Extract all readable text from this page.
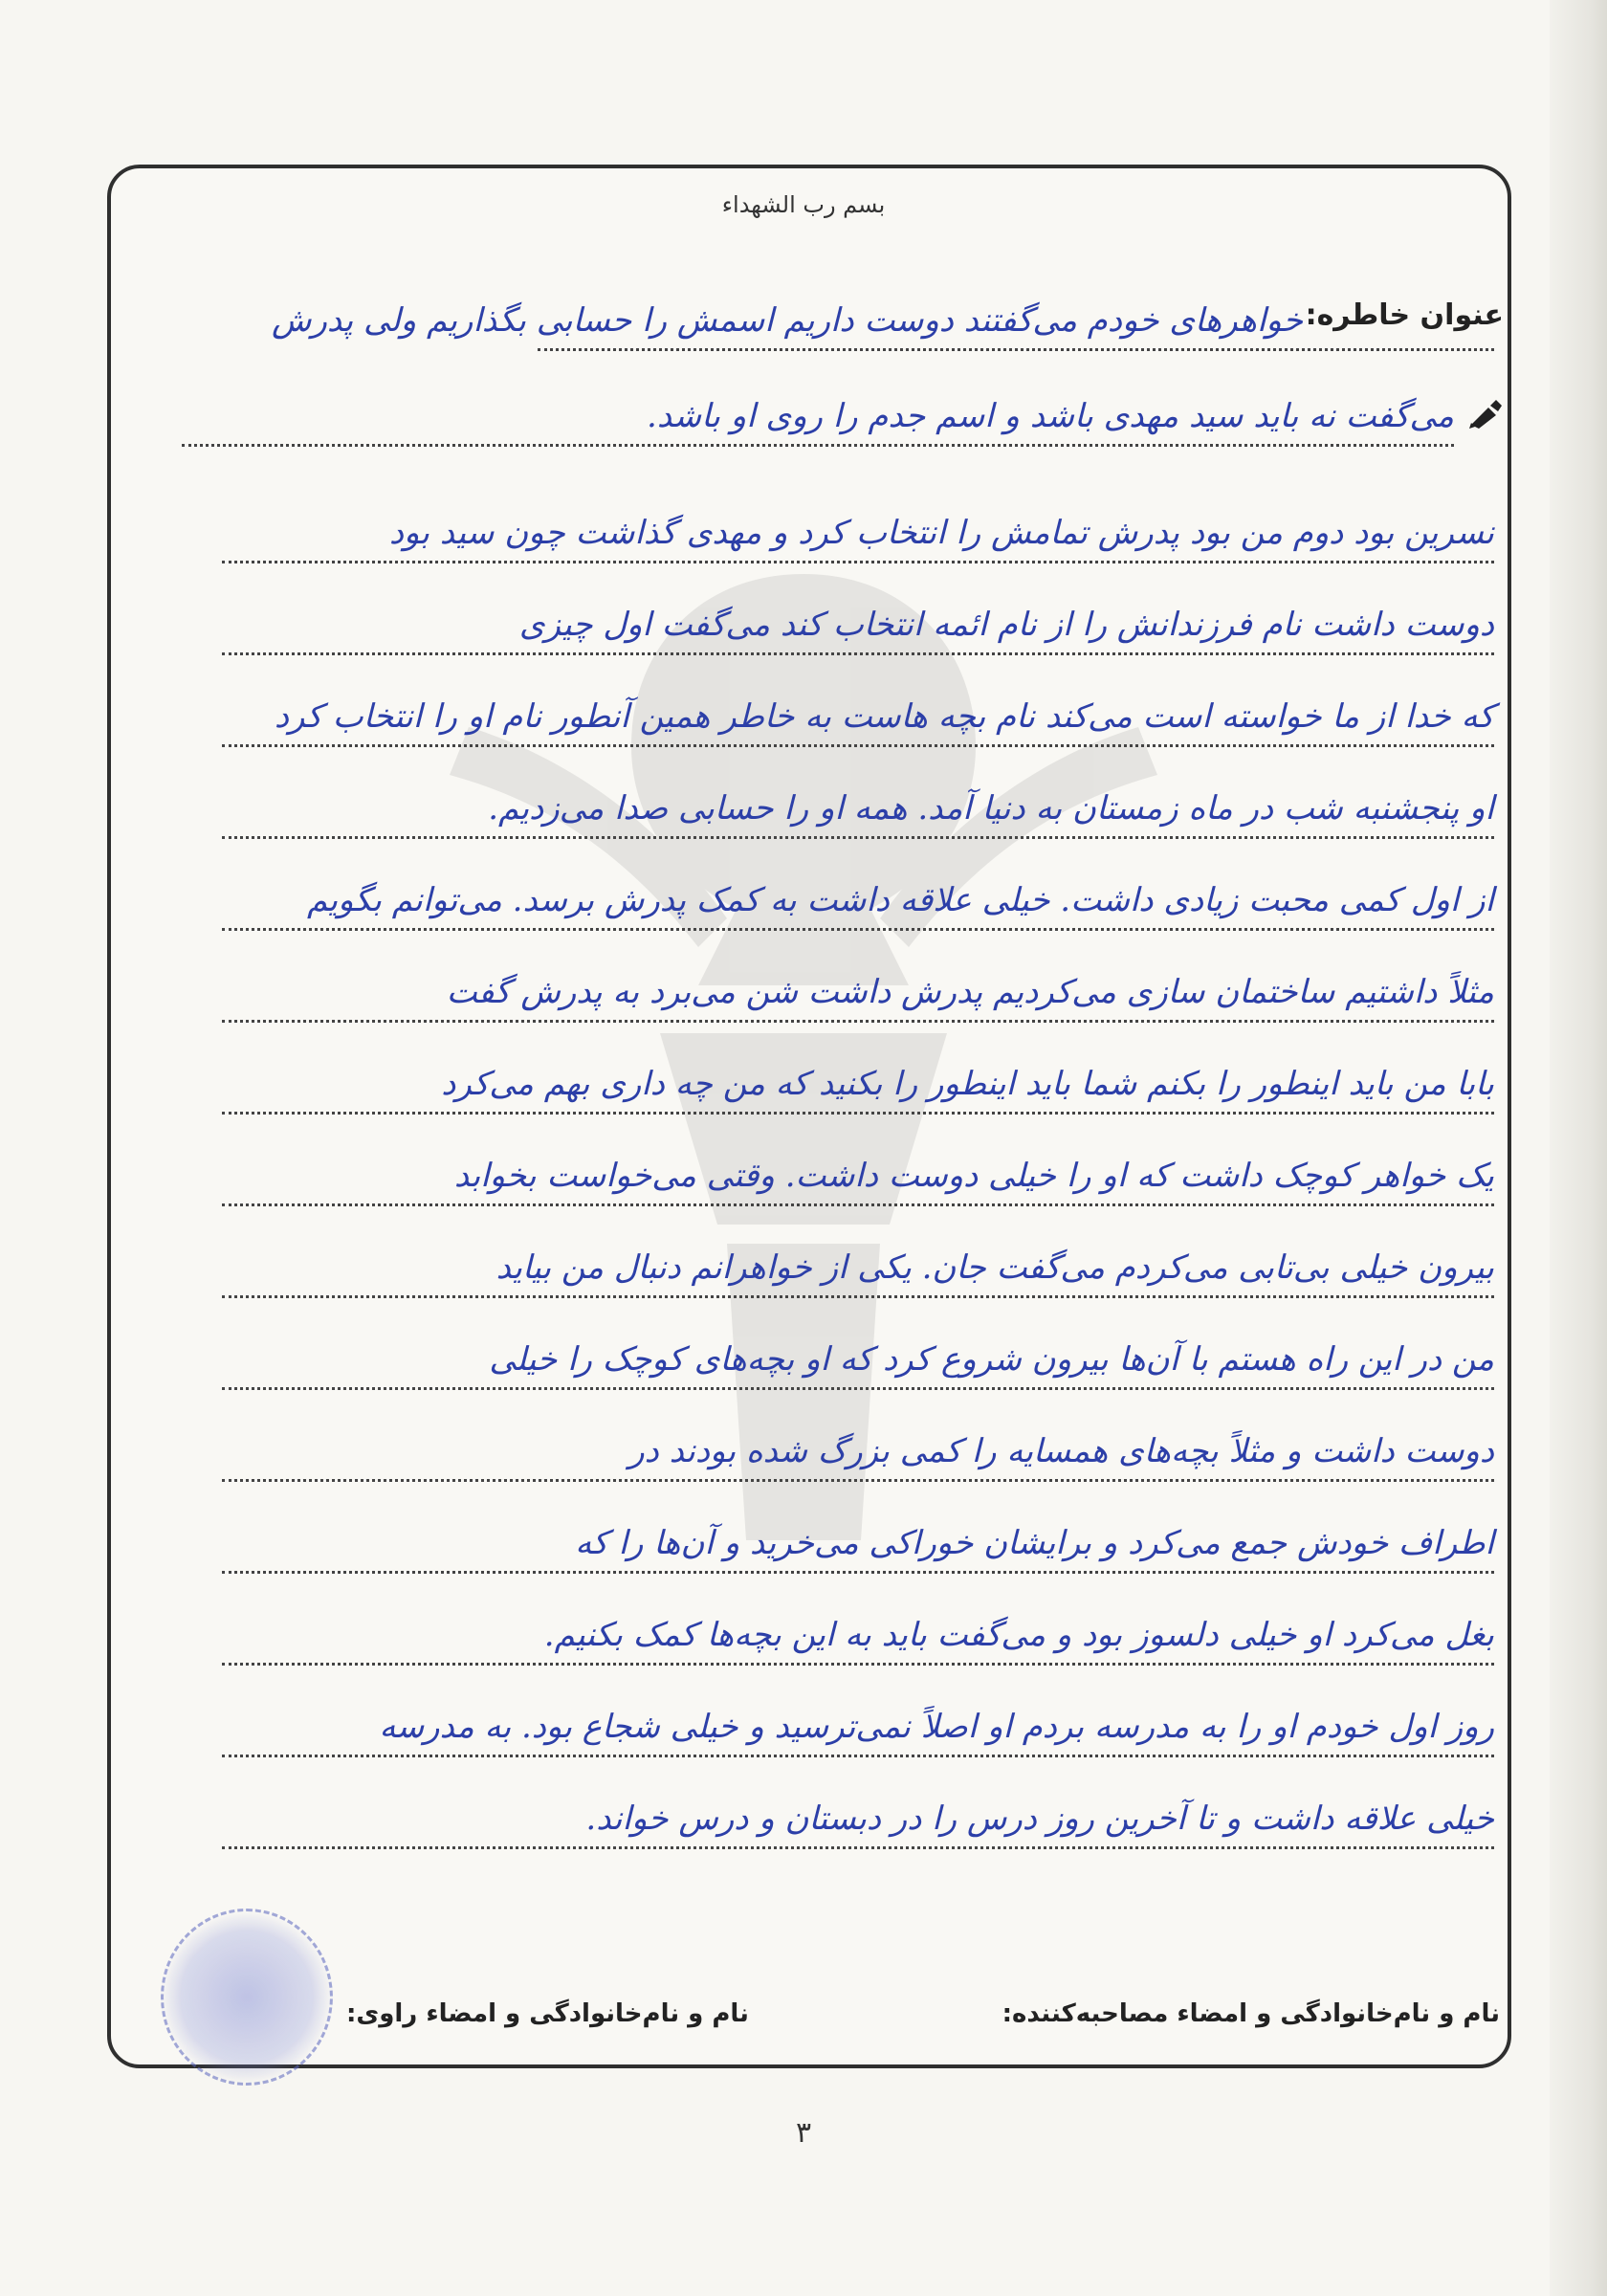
بسم رب الشهداء
عنوان خاطره:
خواهرهای خودم می‌گفتند دوست داریم اسمش را حسابی بگذاریم ولی پدرش
می‌گفت نه باید سید مهدی باشد و اسم جدم را روی او باشد.
نسرین بود دوم من بود پدرش تمامش را انتخاب کرد و مهدی گذاشت چون سید بود
دوست داشت نام فرزندانش را از نام ائمه انتخاب کند می‌گفت اول چیزی
که خدا از ما خواسته است می‌کند نام بچه هاست به خاطر همین آنطور نام او را انتخاب کرد
او پنجشنبه شب در ماه زمستان به دنیا آمد. همه او را حسابی صدا می‌زدیم.
از اول کمی محبت زیادی داشت. خیلی علاقه داشت به کمک پدرش برسد. می‌توانم بگویم
مثلاً داشتیم ساختمان سازی می‌کردیم پدرش داشت شن می‌برد به پدرش گفت
بابا من باید اینطور را بکنم شما باید اینطور را بکنید که من چه داری بهم می‌کرد
یک خواهر کوچک داشت که او را خیلی دوست داشت. وقتی می‌خواست بخوابد
بیرون خیلی بی‌تابی می‌کردم می‌گفت جان. یکی از خواهرانم دنبال من بیاید
من در این راه هستم با آن‌ها بیرون شروع کرد که او بچه‌های کوچک را خیلی
دوست داشت و مثلاً بچه‌های همسایه را کمی بزرگ شده بودند در
اطراف خودش جمع می‌کرد و برایشان خوراکی می‌خرید و آن‌ها را که
بغل می‌کرد او خیلی دلسوز بود و می‌گفت باید به این بچه‌ها کمک بکنیم.
روز اول خودم او را به مدرسه بردم او اصلاً نمی‌ترسید و خیلی شجاع بود. به مدرسه
خیلی علاقه داشت و تا آخرین روز درس را در دبستان و درس خواند.
نام و نام‌خانوادگی و امضاء مصاحبه‌کننده:
نام و نام‌خانوادگی و امضاء راوی:
۳
